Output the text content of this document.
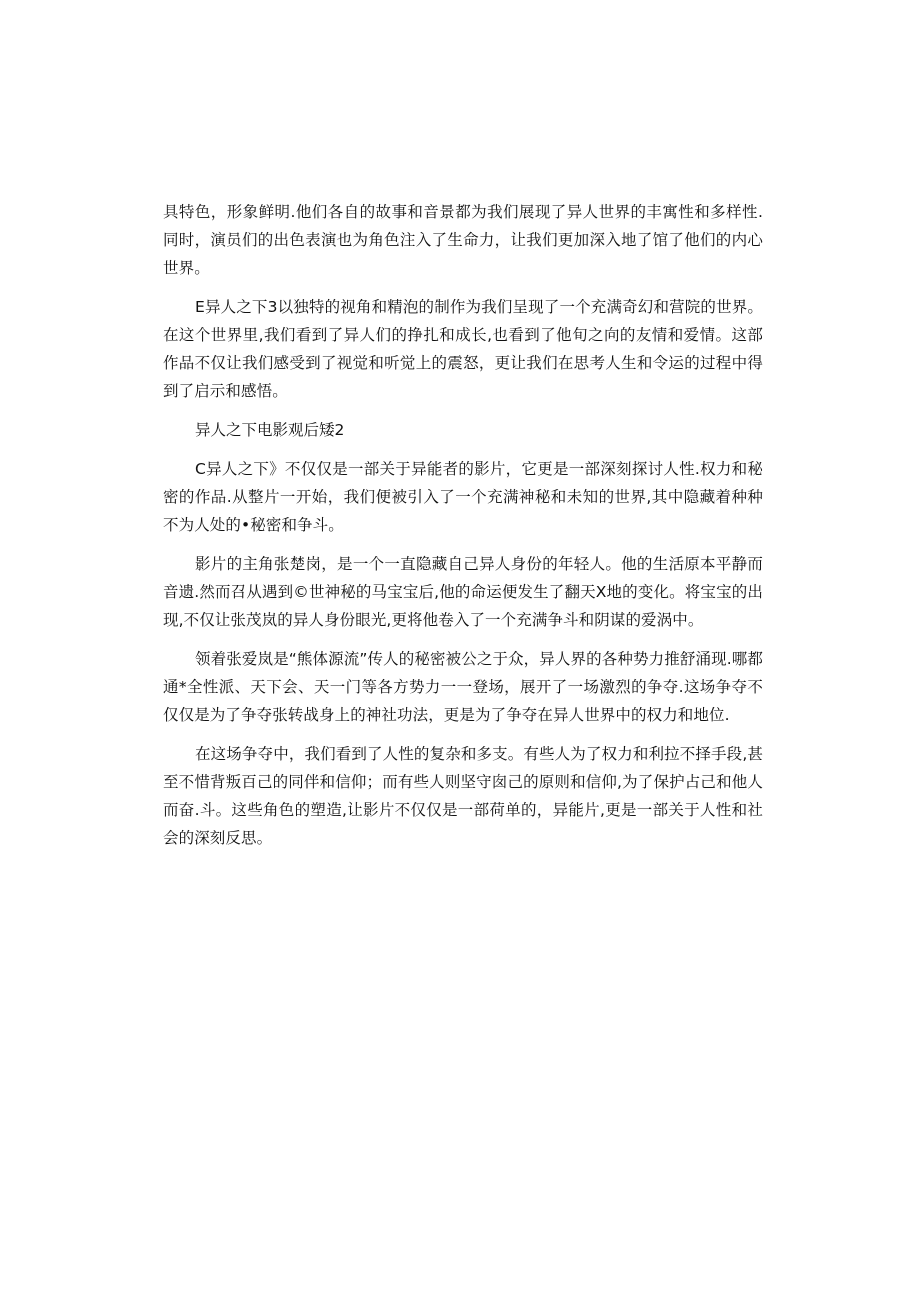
具特色，形象鲜明.他们各自的故事和音景都为我们展现了异人世界的丰寓性和多样性.同时，演员们的出色表演也为角色注入了生命力，让我们更加深入地了馆了他们的内心世界。

E异人之下3以独特的视角和精泡的制作为我们呈现了一个充满奇幻和营院的世界。在这个世界里,我们看到了异人们的挣扎和成长,也看到了他旬之向的友情和爱情。这部作品不仅让我们感受到了视觉和听觉上的震怒，更让我们在思考人生和令运的过程中得到了启示和感悟。

异人之下电影观后矮2

C异人之下》不仅仅是一部关于异能者的影片，它更是一部深刻探讨人性.权力和秘密的作品.从整片一开始，我们便被引入了一个充满神秘和未知的世界,其中隐藏着种种不为人处的•秘密和争斗。

影片的主角张楚岗，是一个一直隐藏自己异人身份的年轻人。他的生活原本平静而音遗.然而召从遇到©世神秘的马宝宝后,他的命运便发生了翻天X地的变化。将宝宝的出现,不仅让张茂岚的异人身份眼光,更将他卷入了一个充满争斗和阴谋的爱涡中。

领着张爱岚是“熊体源流”传人的秘密被公之于众，异人界的各种势力推舒涌现.哪都通*全性派、天下会、天一门等各方势力一一登场，展开了一场激烈的争夺.这场争夺不仅仅是为了争夺张转战身上的神社功法，更是为了争夺在异人世界中的权力和地位.

在这场争夺中，我们看到了人性的复杂和多支。有些人为了权力和利拉不择手段,甚至不惜背叛百己的同伴和信仰；而有些人则坚守囱己的原则和信仰,为了保护占己和他人而奋.斗。这些角色的塑造,让影片不仅仅是一部荷单的，异能片,更是一部关于人性和社会的深刻反思。
